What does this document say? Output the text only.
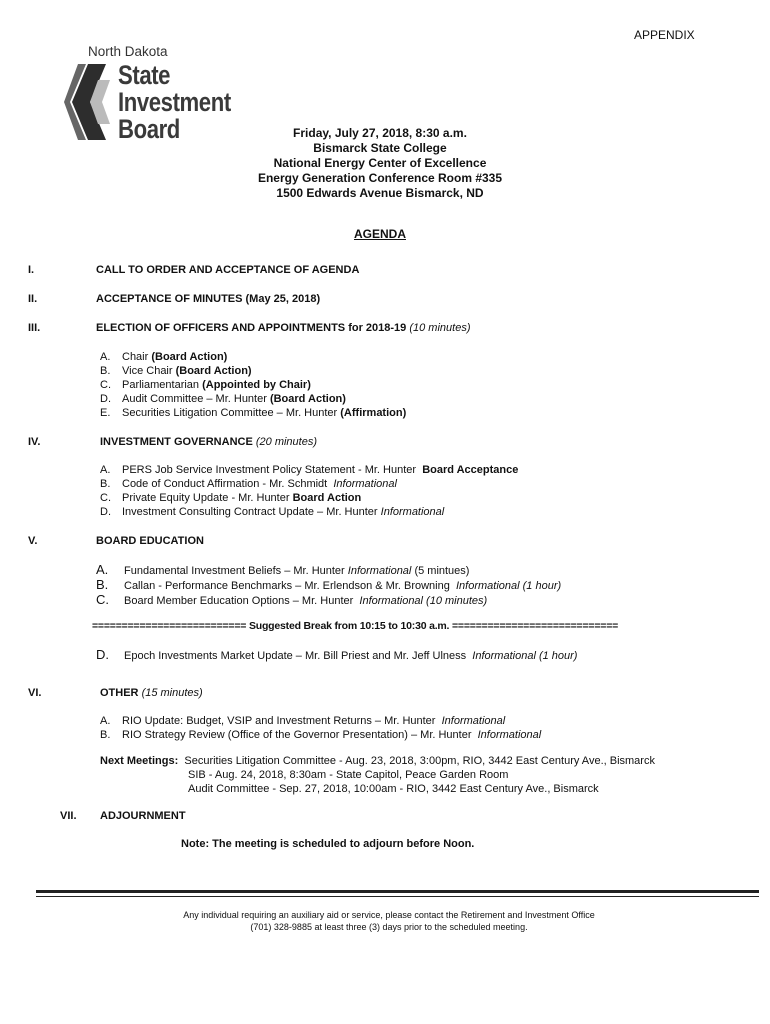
APPENDIX
North Dakota
State
Investment
Board	Friday, July 27, 2018, 8:30 a.m.
Bismarck State College
National Energy Center of Excellence
Energy Generation Conference Room #335
1500 Edwards Avenue Bismarck, ND
AGENDA
I.	CALL TO ORDER AND ACCEPTANCE OF AGENDA
II.	ACCEPTANCE OF MINUTES (May 25, 2018)
III.	ELECTION OF OFFICERS AND APPOINTMENTS for 2018-19 (10 minutes)
A. Chair (Board Action)
B. Vice Chair (Board Action)
C. Parliamentarian (Appointed by Chair)
D. Audit Committee – Mr. Hunter (Board Action)
E. Securities Litigation Committee – Mr. Hunter (Affirmation)
IV.	INVESTMENT GOVERNANCE (20 minutes)
A. PERS Job Service Investment Policy Statement - Mr. Hunter Board Acceptance
B. Code of Conduct Affirmation - Mr. Schmidt Informational
C. Private Equity Update - Mr. Hunter Board Action
D. Investment Consulting Contract Update – Mr. Hunter Informational
V.	BOARD EDUCATION
A. Fundamental Investment Beliefs – Mr. Hunter Informational (5 mintues)
B. Callan - Performance Benchmarks – Mr. Erlendson & Mr. Browning Informational (1 hour)
C. Board Member Education Options – Mr. Hunter Informational (10 minutes)
========================== Suggested Break from 10:15 to 10:30 a.m. ============================
D. Epoch Investments Market Update – Mr. Bill Priest and Mr. Jeff Ulness Informational (1 hour)
VI.	OTHER (15 minutes)
A. RIO Update: Budget, VSIP and Investment Returns – Mr. Hunter Informational
B. RIO Strategy Review (Office of the Governor Presentation) – Mr. Hunter Informational
Next Meetings: Securities Litigation Committee - Aug. 23, 2018, 3:00pm, RIO, 3442 East Century Ave., Bismarck
SIB - Aug. 24, 2018, 8:30am - State Capitol, Peace Garden Room
Audit Committee - Sep. 27, 2018, 10:00am - RIO, 3442 East Century Ave., Bismarck
VII. ADJOURNMENT
Note: The meeting is scheduled to adjourn before Noon.
Any individual requiring an auxiliary aid or service, please contact the Retirement and Investment Office
(701) 328-9885 at least three (3) days prior to the scheduled meeting.
